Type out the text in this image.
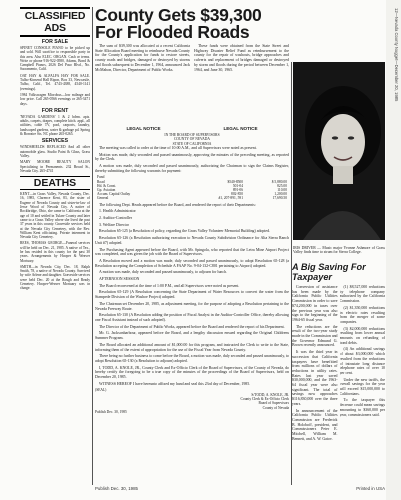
12—Nevada County Nugget—December 20, 1985
CLASSIFIED ADS
FOR SALE

SPINET CONSOLE PIANO to be picked up and sold. Will sacrifice to responsible party in this area. Also ELEC. ORGAN. Cash or terms. Write or phone 916-922-0580, Adams, Bond & Campbell Pianos, 2026 Del Paso Blvd., No. Sacramento, Calif.

OAT HAY & ALFALFA HAY FOR SALE. Tulbo-Kinsend Hall Ripon, Box 33, Newcastle, Tulbo, Calif., Tel. 4743-4388, 4540-1141 (evenings).

1984 Volkswagen Microbus—low mileage and low price. Call 265-0566 evenings or 265-3471 days.

FOR RENT

'NEVADA GARDENS' 1 & 2 bdrm. apts. adults, carpets, drapes, complete kitch. appl., all utilities, cable TV, pool, carports, laundry, landscaped gardens, water & garbage pd. Spring & Boreaire Sts. NC phone 265-0265.

SERVICES

WINDSHIELDS REPLACED And all other automobile glass. Studio Paint & Glass, Grass Valley.

MARY MOORE BEAUTY SALON Specializing in Permanents. 232 Broad St., Nevada City. 265-4741

DEATHS

KENT—in Grass Valley, Nevada County, Dec. 16, 1985, Clarence Kent, 83, the sister of Eugene of Nevada County and sister-in-law of Jesse Wood of Nevada City. A native of Rockbridge, Ohio, she came to California at the age of 10 and settled in Tulare County and later came to a Grass Valley where she lived the past 37 years in this county. Graveside services held at the Nevada City Cemetery, with the Rev. William Kent officiating. Private interment in Nevada City Cemetery.

REES, THOMAS GEORGE—Funeral services will be held on Dec. 21, 1985. A native of Tex., he has resided in this county for the past 30 years. Arrangements by Hooper & Weaver Mortuary.

SMITH—in Nevada City, Dec. 18, Ralph Smith, 78, a native of Nevada County. Survived by wife Arlene and daughter. Graveside services were held Dec. 20 at the Rough and Ready Cemetery. Hooper-Weaver Mortuary was in charge.

County Gets $39,300
For Flooded Roads

The sum of $39,300 was allocated at a recent California State Allocation Board meeting to reimburse Nevada County for the County's application for funds to restore streets, county roads and bridges, damaged or destroyed by storms and floods subsequent to December 1, 1964, announced Jack McMahon, Director, Department of Public Works.

These funds were obtained from the State Street and Highway Disaster Relief Fund as reimbursement to the county for the repair of washouts, bridge approaches and culverts and replacement of bridges damaged or destroyed by storm and floods during the period between December 1, 1964, and June 30, 1965.

LEGAL NOTICE	LEGAL NOTICE

IN THE BOARD OF SUPERVISORS

COUNTY OF NEVADA

STATE OF CALIFORNIA

The meeting was called to order at the time of 10:00 A.M., and all Supervisors were noted as present.

Motion was made, duly seconded and passed unanimously, approving the minutes of the preceding meeting, as reported by the Clerk.

A motion was made, duly seconded and passed unanimously, authorizing the Chairman to sign the Claims Register, thereby submitting the following warrants for payment:

Fund		
Road	$540-8500	$ 5,880.00
Hd. & Const.	501-04	825.00
Gp. Aviation	891-06	110.00
Accum. Capital Outlay	802-850	1,200.00
General	#1, 207-891, 591	17,690.50

The following Dept. Heads appeared before the Board, and rendered the report of their Departments:

1. Health Administrator

2. Auditor-Controller

3. Welfare Director

Resolution 65-125 (a Resolution of policy, regarding the Grass Valley Volunteer Memorial Building) adopted.

Resolution 65-126 (a Resolution authorizing execution to Nevada County Subdivision Ordinance for Alta Sierra Ranch Unit #7) adopted.

The Purchasing Agent appeared before the Board, with Mr. Spingola, who reported that the Letra Mine Airport Project was completed, and was given the job with the Board of Supervisors.

A Resolution moved and a motion was made, duly seconded and passed unanimously, to adopt Resolution 65-128 (a Resolution accepting the Completion of Schedule A FAAP No. 9-04-132-C801 pertaining to Airport) adopted.

A motion was made, duly seconded and passed unanimously, to adjourn for lunch.

AFTERNOON SESSION

The Board reconvened at the time of 1:00 P.M., and all Supervisors were noted as present.

Resolution 65-129 (A Resolution concerning the State Department of Water Resources to convert the water from the Stampede Division of the Washoe Project) adopted.

The Chairman set December 20, 1985, as adjustment meeting, for the purpose of adopting a Resolution pertaining to the Nevada Freeway Route.

Resolution 65-130 (A Resolution adding the position of Fiscal Analyst in the Auditor-Controller Office, thereby allowing one Fiscal Assistant instead of such adopted).

The Director of the Department of Public Works, appeared before the Board and rendered the report of his Department.

Mr. G. Jacksonbarbour, appeared before the Board, and a lengthy discussion ensued regarding the Original Childrens Summer Program.

The Board allocated an additional amount of $1,000.00 for this program, and instructed the Clerk to write to the State, informing them of the extent of appropriation for the use of the Fiscal Year from Nevada County.

There being no further business to come before the Board, a motion was made, duly seconded and passed unanimously, to adopt Resolution 65-130 (a Resolution to adjourn) adopted.

I, TODD, A. KNOLE, JR., County Clerk and Ex-Officio Clerk of the Board of Supervisors, of the County of Nevada, do hereby certify the foregoing to be a true copy of the minutes of the proceedings of the Board of Supervisors, held on December 20, 1985.

WITNESS HEREOF I have hereunto affixed my hand and seal this 23rd day of December, 1985.

(SEAL)

S/TODD, A. KNOLE, JR.

County Clerk & Ex-Officio Clerk

Board of Supervisors

County of Nevada

Publish Dec. 30, 1985

IRIS DRIVER — Music major Yvonne Ashmore of Grass Valley finds time to strum for Sierra College.

A Big Saving For Taxpayer

Conversion of assistance has been made by the California Public Utilities Commission in order to save $74,200,000 in taxes over the previous year was also sign to the beginning of the 1964-65 fiscal year.

The reductions are the result of the two-year study made in the Commission and the Governor Edmund G. Brown recently announced.

It was the third year in succession that California taxpayers have benefitted from millions of dollars of reductions in utility rates. Rates last year saved $30,000,000, and the 1963-64 fiscal year were also significant. The total of savings now approaches $116,830,000 over the three years.

In announcement of the California Public Utilities Commission are Frederick B. Holoboff, president, and Commissioners Peter E. Mitchell, William M. Bennett, and A. W. Gatov.

(1) $8,527,000 reductions by telephone company authorized by the California Commission.

(2) $1,350,000 reductions in electric rates resulting from the merger of some companies.

(3) $2,000,000 reductions resulting from lower annual amounts on refunding of bond debts.

(4) An additional savings of about $3,000,000 which resulted from the reductions of intrastate long distance telephone rates of over 10 per cent.

Under the new tariffs, the overall savings for the year will exceed $15,000,000 to Californians.

To the taxpayer this decrease could mean savings amounting to $360,000 per year, commissioners said.

Publish Dec. 30, 1985	Printed in USA
